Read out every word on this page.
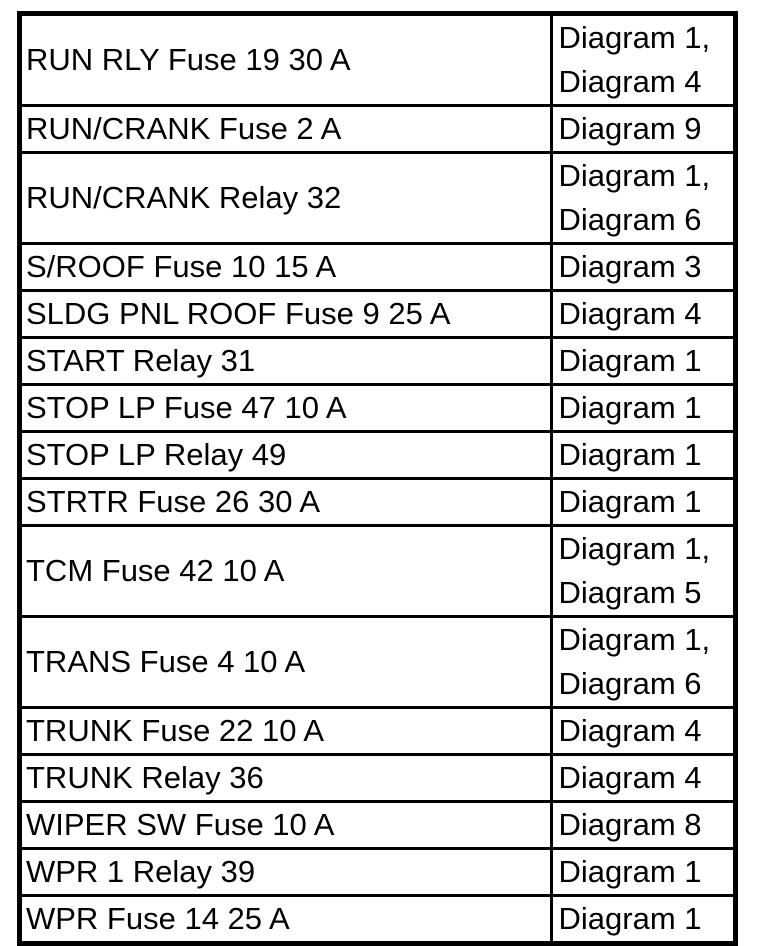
RUN RLY Fuse 19 30 A	Diagram 1,
Diagram 4

RUN/CRANK Fuse 2 A	Diagram 9

RUN/CRANK Relay 32	Diagram 1,
Diagram 6

S/ROOF Fuse 10 15 A	Diagram 3

SLDG PNL ROOF Fuse 9 25 A	Diagram 4

START Relay 31	Diagram 1

STOP LP Fuse 47 10 A	Diagram 1

STOP LP Relay 49	Diagram 1

STRTR Fuse 26 30 A	Diagram 1

TCM Fuse 42 10 A	Diagram 1,
Diagram 5

TRANS Fuse 4 10 A	Diagram 1,
Diagram 6

TRUNK Fuse 22 10 A	Diagram 4

TRUNK Relay 36	Diagram 4

WIPER SW Fuse 10 A	Diagram 8

WPR 1 Relay 39	Diagram 1

WPR Fuse 14 25 A	Diagram 1
